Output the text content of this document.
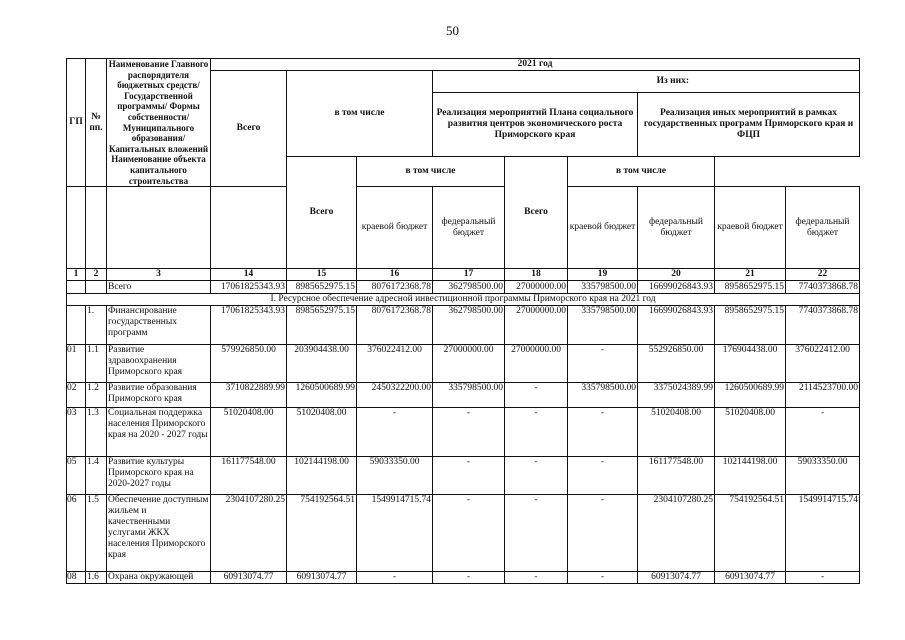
50
ГП	№ пп.	Наименование Главного распорядителя бюджетных средств/ Государственной программы/ Формы собственности/Муниципального образования/Капитальных вложений Наименование объекта капитального строительства	2021 год								
			Всего	в том числе		Из них:					
						Реализация мероприятий Плана социального развития центров экономического роста Приморского края			Реализация иных мероприятий в рамках государственных программ Приморского края и ФЦП		
				Всего	в том числе		Всего	в том числе			
					краевой бюджет	федеральный бюджет		краевой бюджет	федеральный бюджет	краевой бюджет	федеральный бюджет
1	2	3	14	15	16	17	18	19	20	21	22
		Всего	17061825343.93	8985652975.15	8076172368.78	362798500.00	27000000.00	335798500.00	16699026843.93	8958652975.15	7740373868.78
I. Ресурсное обеспечение адресной инвестиционной программы Приморского края на 2021 год											
	1.	Финансирование государственных программ	17061825343.93	8985652975.15	8076172368.78	362798500.00	27000000.00	335798500.00	16699026843.93	8958652975.15	7740373868.78
01	1.1	Развитие здравоохранения Приморского края	579926850.00	203904438.00	376022412.00	27000000.00	27000000.00	-	552926850.00	176904438.00	376022412.00
02	1.2	Развитие образования Приморского края	3710822889.99	1260500689.99	2450322200.00	335798500.00	-	335798500.00	3375024389.99	1260500689.99	2114523700.00
03	1.3	Социальная поддержка населения Приморского края на 2020 - 2027 годы	51020408.00	51020408.00	-	-	-	-	51020408.00	51020408.00	-
05	1.4	Развитие культуры Приморского края на 2020-2027 годы	161177548.00	102144198.00	59033350.00	-	-	-	161177548.00	102144198.00	59033350.00
06	1.5	Обеспечение доступным жильем и качественными услугами ЖКХ населения Приморского края	2304107280.25	754192564.51	1549914715.74	-	-	-	2304107280.25	754192564.51	1549914715.74
08	1.6	Охрана окружающей	60913074.77	60913074.77	-	-	-	-	60913074.77	60913074.77	-
